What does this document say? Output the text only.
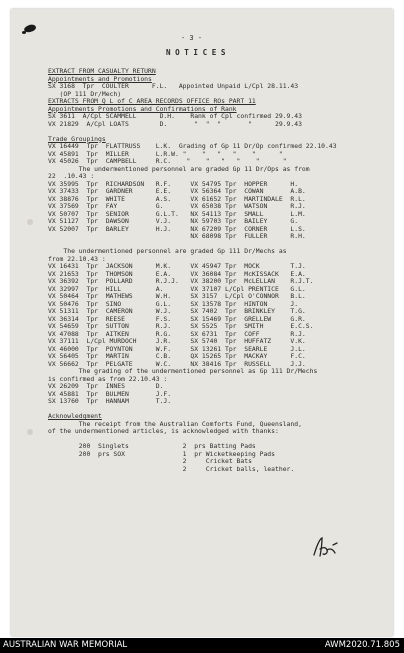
- 3 -
N O T I C E S
EXTRACT FROM CASUALTY RETURN
Appointments and Promotions
SX 3168  Tpr  COULTER      F.L.   Appointed Unpaid L/Cpl 28.11.43
(OP 111 Dr/Mech)
EXTRACTS FROM Q L of C AREA RECORDS OFFICE ROs PART 11
Appointments Promotions and Confirmations of Rank
SX 3611  A/Cpl SCAMMELL      D.H.    Rank of Cpl confirmed 29.9.43
VX 21829  A/Cpl LOATS        D.       "  "  "       "      29.9.43
Trade Groupings
VX 16449  Tpr  FLATTRUSS    L.K.  Grading of Gp 11 Dr/Op confirmed 22.10.43
VX 45891  Tpr  MILLER       L.R.W. "    "   "   "    "      "
VX 45026  Tpr  CAMPBELL     R.C.    "    "   "   "    "      "
The undermentioned personnel are graded Gp 11 Dr/Ops as from
22  .10.43 :
VX 35995  Tpr  RICHARDSON   R.F.     VX 54795 Tpr  HOPPER      H.
VX 37433  Tpr  GARDNER      E.E.     VX 56364 Tpr  COWAN       A.B.
VX 38876  Tpr  WHITE        A.S.     VX 61652 Tpr  MARTINDALE  R.L.
VX 37569  Tpr  FAY          G.       VX 65038 Tpr  WATSON      R.J.
VX 50707  Tpr  SENIOR       G.L.T.   NX 54113 Tpr  SMALL       L.M.
VX 51127  Tpr  DAWSON       V.J.     NX 59703 Tpr  BAILEY      G.
VX 52007  Tpr  BARLEY       H.J.     NX 67209 Tpr  CORNER      L.S.
NX 68098 Tpr  FULLER      R.H.
The undermentioned personnel are graded Gp 111 Dr/Mechs as
from 22.10.43 :
VX 16431  Tpr  JACKSON      M.K.     VX 45947 Tpr  MOCK        T.J.
VX 21653  Tpr  THOMSON      E.A.     VX 36084 Tpr  McKISSACK   E.A.
VX 36392  Tpr  POLLARD      R.J.J.   VX 38200 Tpr  McLELLAN    R.J.T.
VX 32997  Tpr  HILL         A.       VX 37107 L/Cpl PRENTICE   G.L.
VX 50464  Tpr  MATHEWS      W.H.     SX 3157  L/Cpl O'CONNOR   B.L.
VX 50476  Tpr  SINO         G.L.     SX 13578 Tpr  HINTON      J.
VX 51311  Tpr  CAMERON      W.J.     SX 7402  Tpr  BRINKLEY    T.G.
VX 36314  Tpr  REESE        F.S.     SX 15469 Tpr  GRELLEW     G.R.
VX 54659  Tpr  SUTTON       R.J.     SX 5525  Tpr  SMITH       E.C.S.
VX 47088  Tpr  AITKEN       R.G.     SX 6731  Tpr  COFF        R.J.
VX 37111  L/Cpl MURDOCH     J.R.     SX 5740  Tpr  HUFFATZ     V.K.
VX 46000  Tpr  POYNTON      W.F.     SX 13261 Tpr  SEARLE      J.L.
VX 56405  Tpr  MARTIN       C.B.     QX 15265 Tpr  MACKAY      F.C.
VX 56662  Tpr  PELGATE      W.C.     NX 38416 Tpr  RUSSELL     J.J.
The grading of the undermentioned personnel as Gp 111 Dr/Mechs
is confirmed as from 22.10.43 :
VX 26209  Tpr  INNES        D.
VX 45881  Tpr  BULMEN       J.F.
SX 13760  Tpr  HANNAM       T.J.
Acknowledgment
The receipt from the Australian Comforts Fund, Queensland,
of the undermentioned articles, is acknowledged with thanks:
200  Singlets              2  prs Batting Pads
200  prs SOX               1  pr Wicketkeeping Pads
2     Cricket Bats
2     Cricket balls, leather.
AUSTRALIAN WAR MEMORIAL	AWM2020.71.805
